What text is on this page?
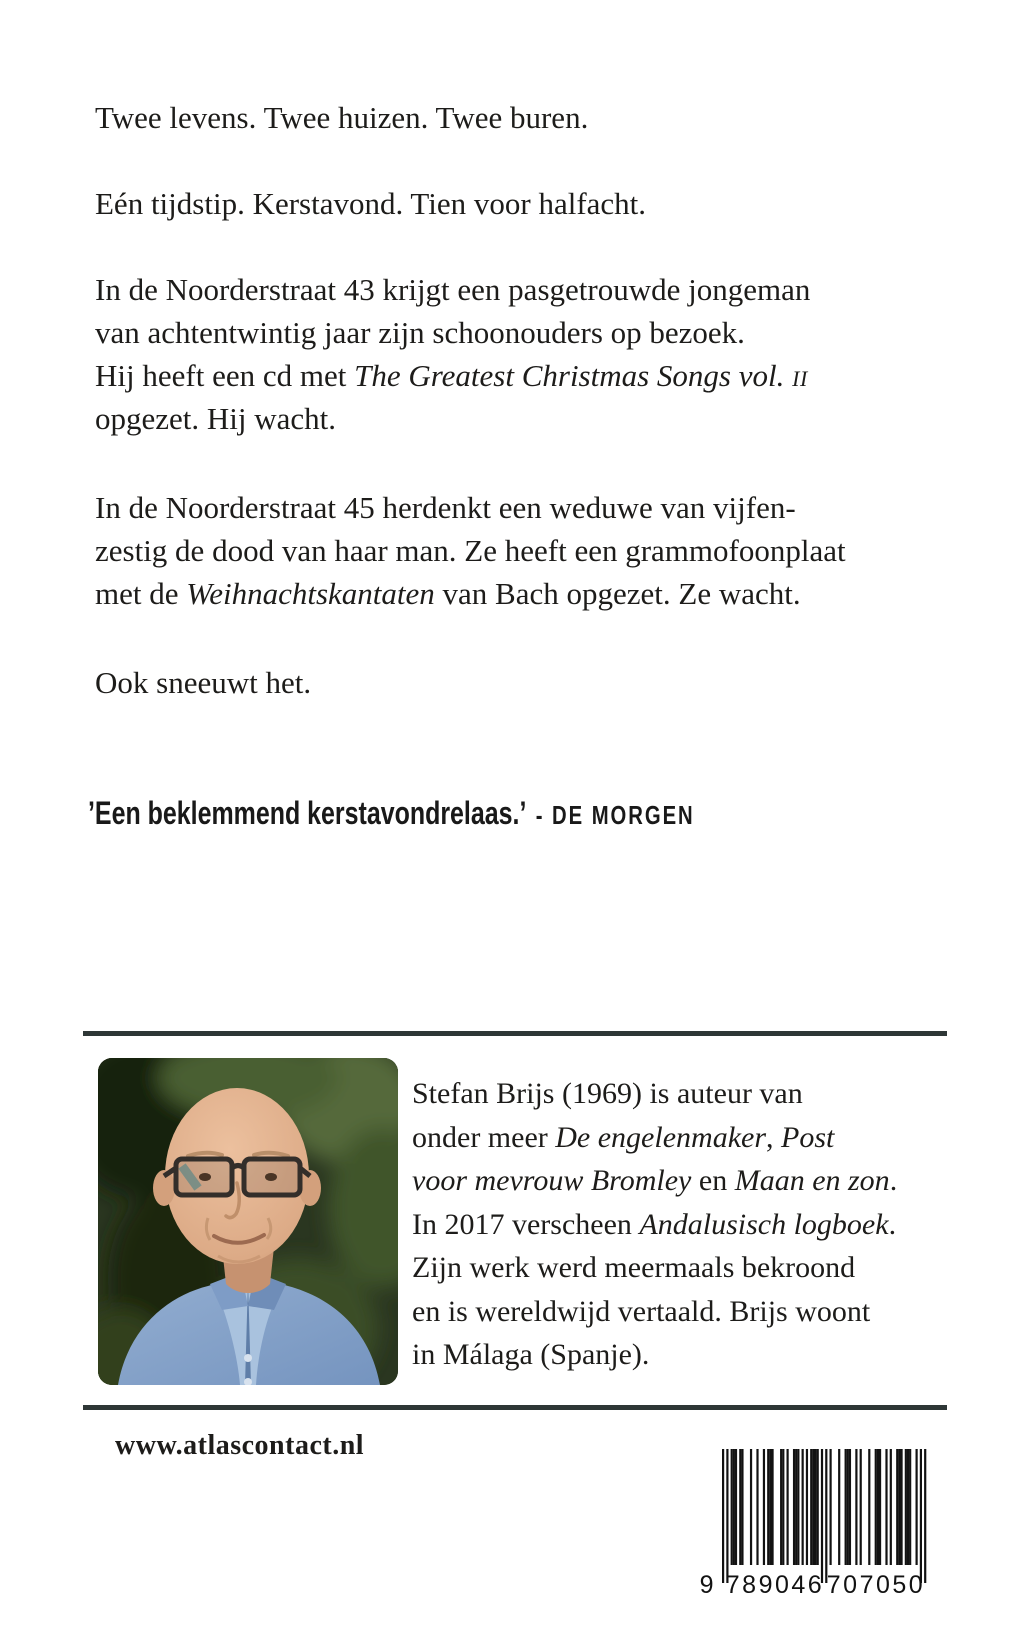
Twee levens. Twee huizen. Twee buren.
Eén tijdstip. Kerstavond. Tien voor halfacht.
In de Noorderstraat 43 krijgt een pasgetrouwde jongeman
van achtentwintig jaar zijn schoonouders op bezoek.
Hij heeft een cd met The Greatest Christmas Songs vol. ii
opgezet. Hij wacht.
In de Noorderstraat 45 herdenkt een weduwe van vijfen-
zestig de dood van haar man. Ze heeft een grammofoonplaat
met de Weihnachtskantaten van Bach opgezet. Ze wacht.
Ook sneeuwt het.
’Een beklemmend kerstavondrelaas.’ - DE MORGEN
Stefan Brijs (1969) is auteur van
onder meer De engelenmaker, Post
voor mevrouw Bromley en Maan en zon.
In 2017 verscheen Andalusisch logboek.
Zijn werk werd meermaals bekroond
en is wereldwijd vertaald. Brijs woont
in Málaga (Spanje).
www.atlascontact.nl
9 789046 707050
